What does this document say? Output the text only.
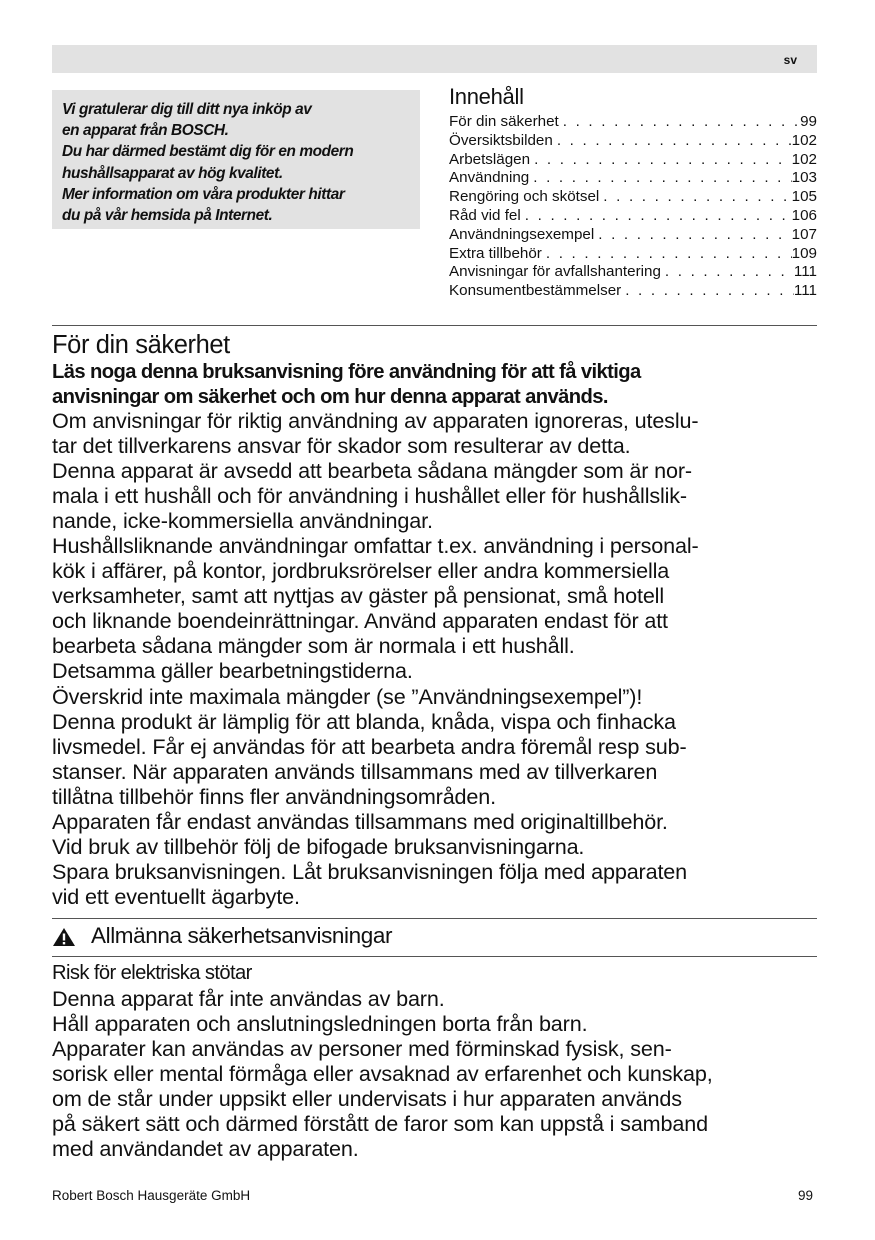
sv
Vi gratulerar dig till ditt nya inköp av
en apparat från BOSCH.
Du har därmed bestämt dig för en modern
hushållsapparat av hög kvalitet.
Mer information om våra produkter hittar
du på vår hemsida på Internet.
Innehåll
För din säkerhet . . .	99
Översiktsbilden . . .	102
Arbetslägen . . .	102
Användning . . .	103
Rengöring och skötsel . . .	105
Råd vid fel . . .	106
Användningsexempel . . .	107
Extra tillbehör . . .	109
Anvisningar för avfallshantering . . .	111
Konsumentbestämmelser . . .	111
För din säkerhet
Läs noga denna bruksanvisning före användning för att få viktiga
anvisningar om säkerhet och om hur denna apparat används.
Om anvisningar för riktig användning av apparaten ignoreras, uteslu-
tar det tillverkarens ansvar för skador som resulterar av detta.
Denna apparat är avsedd att bearbeta sådana mängder som är nor-
mala i ett hushåll och för användning i hushållet eller för hushållslik-
nande, icke-kommersiella användningar.
Hushållsliknande användningar omfattar t.ex. användning i personal-
kök i affärer, på kontor, jordbruksrörelser eller andra kommersiella
verksamheter, samt att nyttjas av gäster på pensionat, små hotell
och liknande boendeinrättningar. Använd apparaten endast för att
bearbeta sådana mängder som är normala i ett hushåll.
Detsamma gäller bearbetningstiderna.
Överskrid inte maximala mängder (se ”Användningsexempel”)!
Denna produkt är lämplig för att blanda, knåda, vispa och finhacka
livsmedel. Får ej användas för att bearbeta andra föremål resp sub-
stanser. När apparaten används tillsammans med av tillverkaren
tillåtna tillbehör finns fler användningsområden.
Apparaten får endast användas tillsammans med originaltillbehör.
Vid bruk av tillbehör följ de bifogade bruksanvisningarna.
Spara bruksanvisningen. Låt bruksanvisningen följa med apparaten
vid ett eventuellt ägarbyte.
Allmänna säkerhetsanvisningar
Risk för elektriska stötar
Denna apparat får inte användas av barn.
Håll apparaten och anslutningsledningen borta från barn.
Apparater kan användas av personer med förminskad fysisk, sen-
sorisk eller mental förmåga eller avsaknad av erfarenhet och kunskap,
om de står under uppsikt eller undervisats i hur apparaten används
på säkert sätt och därmed förstått de faror som kan uppstå i samband
med användandet av apparaten.
Robert Bosch Hausgeräte GmbH	99
